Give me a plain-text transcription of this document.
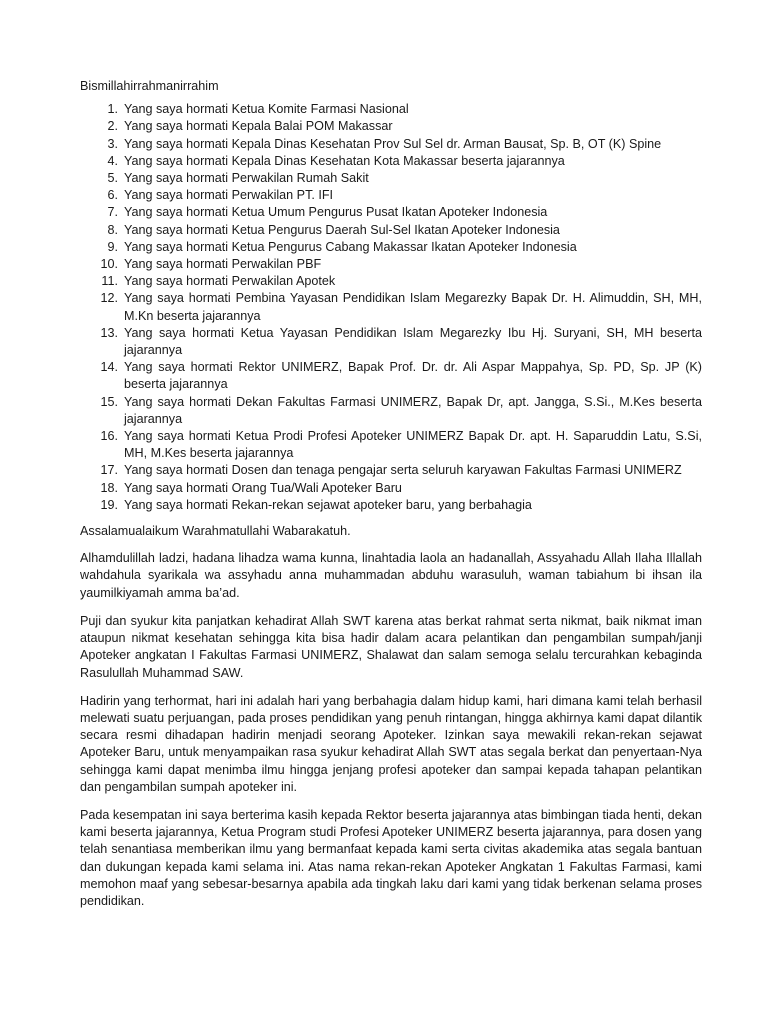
Bismillahirrahmanirrahim
1. Yang saya hormati Ketua Komite Farmasi Nasional
2. Yang saya hormati Kepala Balai POM Makassar
3. Yang saya hormati Kepala Dinas Kesehatan Prov Sul Sel dr. Arman Bausat, Sp. B, OT (K) Spine
4. Yang saya hormati Kepala Dinas Kesehatan Kota Makassar beserta jajarannya
5. Yang saya hormati Perwakilan Rumah Sakit
6. Yang saya hormati Perwakilan PT. IFI
7. Yang saya hormati Ketua Umum Pengurus Pusat Ikatan Apoteker Indonesia
8. Yang saya hormati Ketua Pengurus Daerah Sul-Sel Ikatan Apoteker Indonesia
9. Yang saya hormati Ketua Pengurus Cabang Makassar Ikatan Apoteker Indonesia
10. Yang saya hormati Perwakilan PBF
11. Yang saya hormati Perwakilan Apotek
12. Yang saya hormati Pembina Yayasan Pendidikan Islam Megarezky Bapak Dr. H. Alimuddin, SH, MH, M.Kn beserta jajarannya
13. Yang saya hormati Ketua Yayasan Pendidikan Islam Megarezky Ibu Hj. Suryani, SH, MH beserta jajarannya
14. Yang saya hormati Rektor UNIMERZ, Bapak Prof. Dr. dr. Ali Aspar Mappahya, Sp. PD, Sp. JP (K) beserta jajarannya
15. Yang saya hormati Dekan Fakultas Farmasi UNIMERZ, Bapak Dr, apt. Jangga, S.Si., M.Kes beserta jajarannya
16. Yang saya hormati Ketua Prodi Profesi Apoteker UNIMERZ Bapak Dr. apt. H. Saparuddin Latu, S.Si, MH, M.Kes beserta jajarannya
17. Yang saya hormati Dosen dan tenaga pengajar serta seluruh karyawan Fakultas Farmasi UNIMERZ
18. Yang saya hormati Orang Tua/Wali Apoteker Baru
19. Yang saya hormati Rekan-rekan sejawat apoteker baru, yang berbahagia
Assalamualaikum Warahmatullahi Wabarakatuh.

Alhamdulillah ladzi, hadana lihadza wama kunna, linahtadia laola an hadanallah, Assyahadu Allah Ilaha Illallah wahdahula syarikala wa assyhadu anna muhammadan abduhu warasuluh, waman tabiahum bi ihsan ila yaumilkiyamah amma ba’ad.

Puji dan syukur kita panjatkan kehadirat Allah SWT karena atas berkat rahmat serta nikmat, baik nikmat iman ataupun nikmat kesehatan sehingga kita bisa hadir dalam acara pelantikan dan pengambilan sumpah/janji Apoteker angkatan I Fakultas Farmasi UNIMERZ, Shalawat dan salam semoga selalu tercurahkan kebaginda Rasulullah Muhammad SAW.

Hadirin yang terhormat, hari ini adalah hari yang berbahagia dalam hidup kami, hari dimana kami telah berhasil melewati suatu perjuangan, pada proses pendidikan yang penuh rintangan, hingga akhirnya kami dapat dilantik secara resmi dihadapan hadirin menjadi seorang Apoteker. Izinkan saya mewakili rekan-rekan sejawat Apoteker Baru, untuk menyampaikan rasa syukur kehadirat Allah SWT atas segala berkat dan penyertaan-Nya sehingga kami dapat menimba ilmu hingga jenjang profesi apoteker dan sampai kepada tahapan pelantikan dan pengambilan sumpah apoteker ini.

Pada kesempatan ini saya berterima kasih kepada Rektor beserta jajarannya atas bimbingan tiada henti, dekan kami beserta jajarannya, Ketua Program studi Profesi Apoteker UNIMERZ beserta jajarannya, para dosen yang telah senantiasa memberikan ilmu yang bermanfaat kepada kami serta civitas akademika atas segala bantuan dan dukungan kepada kami selama ini. Atas nama rekan-rekan Apoteker Angkatan 1 Fakultas Farmasi, kami memohon maaf yang sebesar-besarnya apabila ada tingkah laku dari kami yang tidak berkenan selama proses pendidikan.
